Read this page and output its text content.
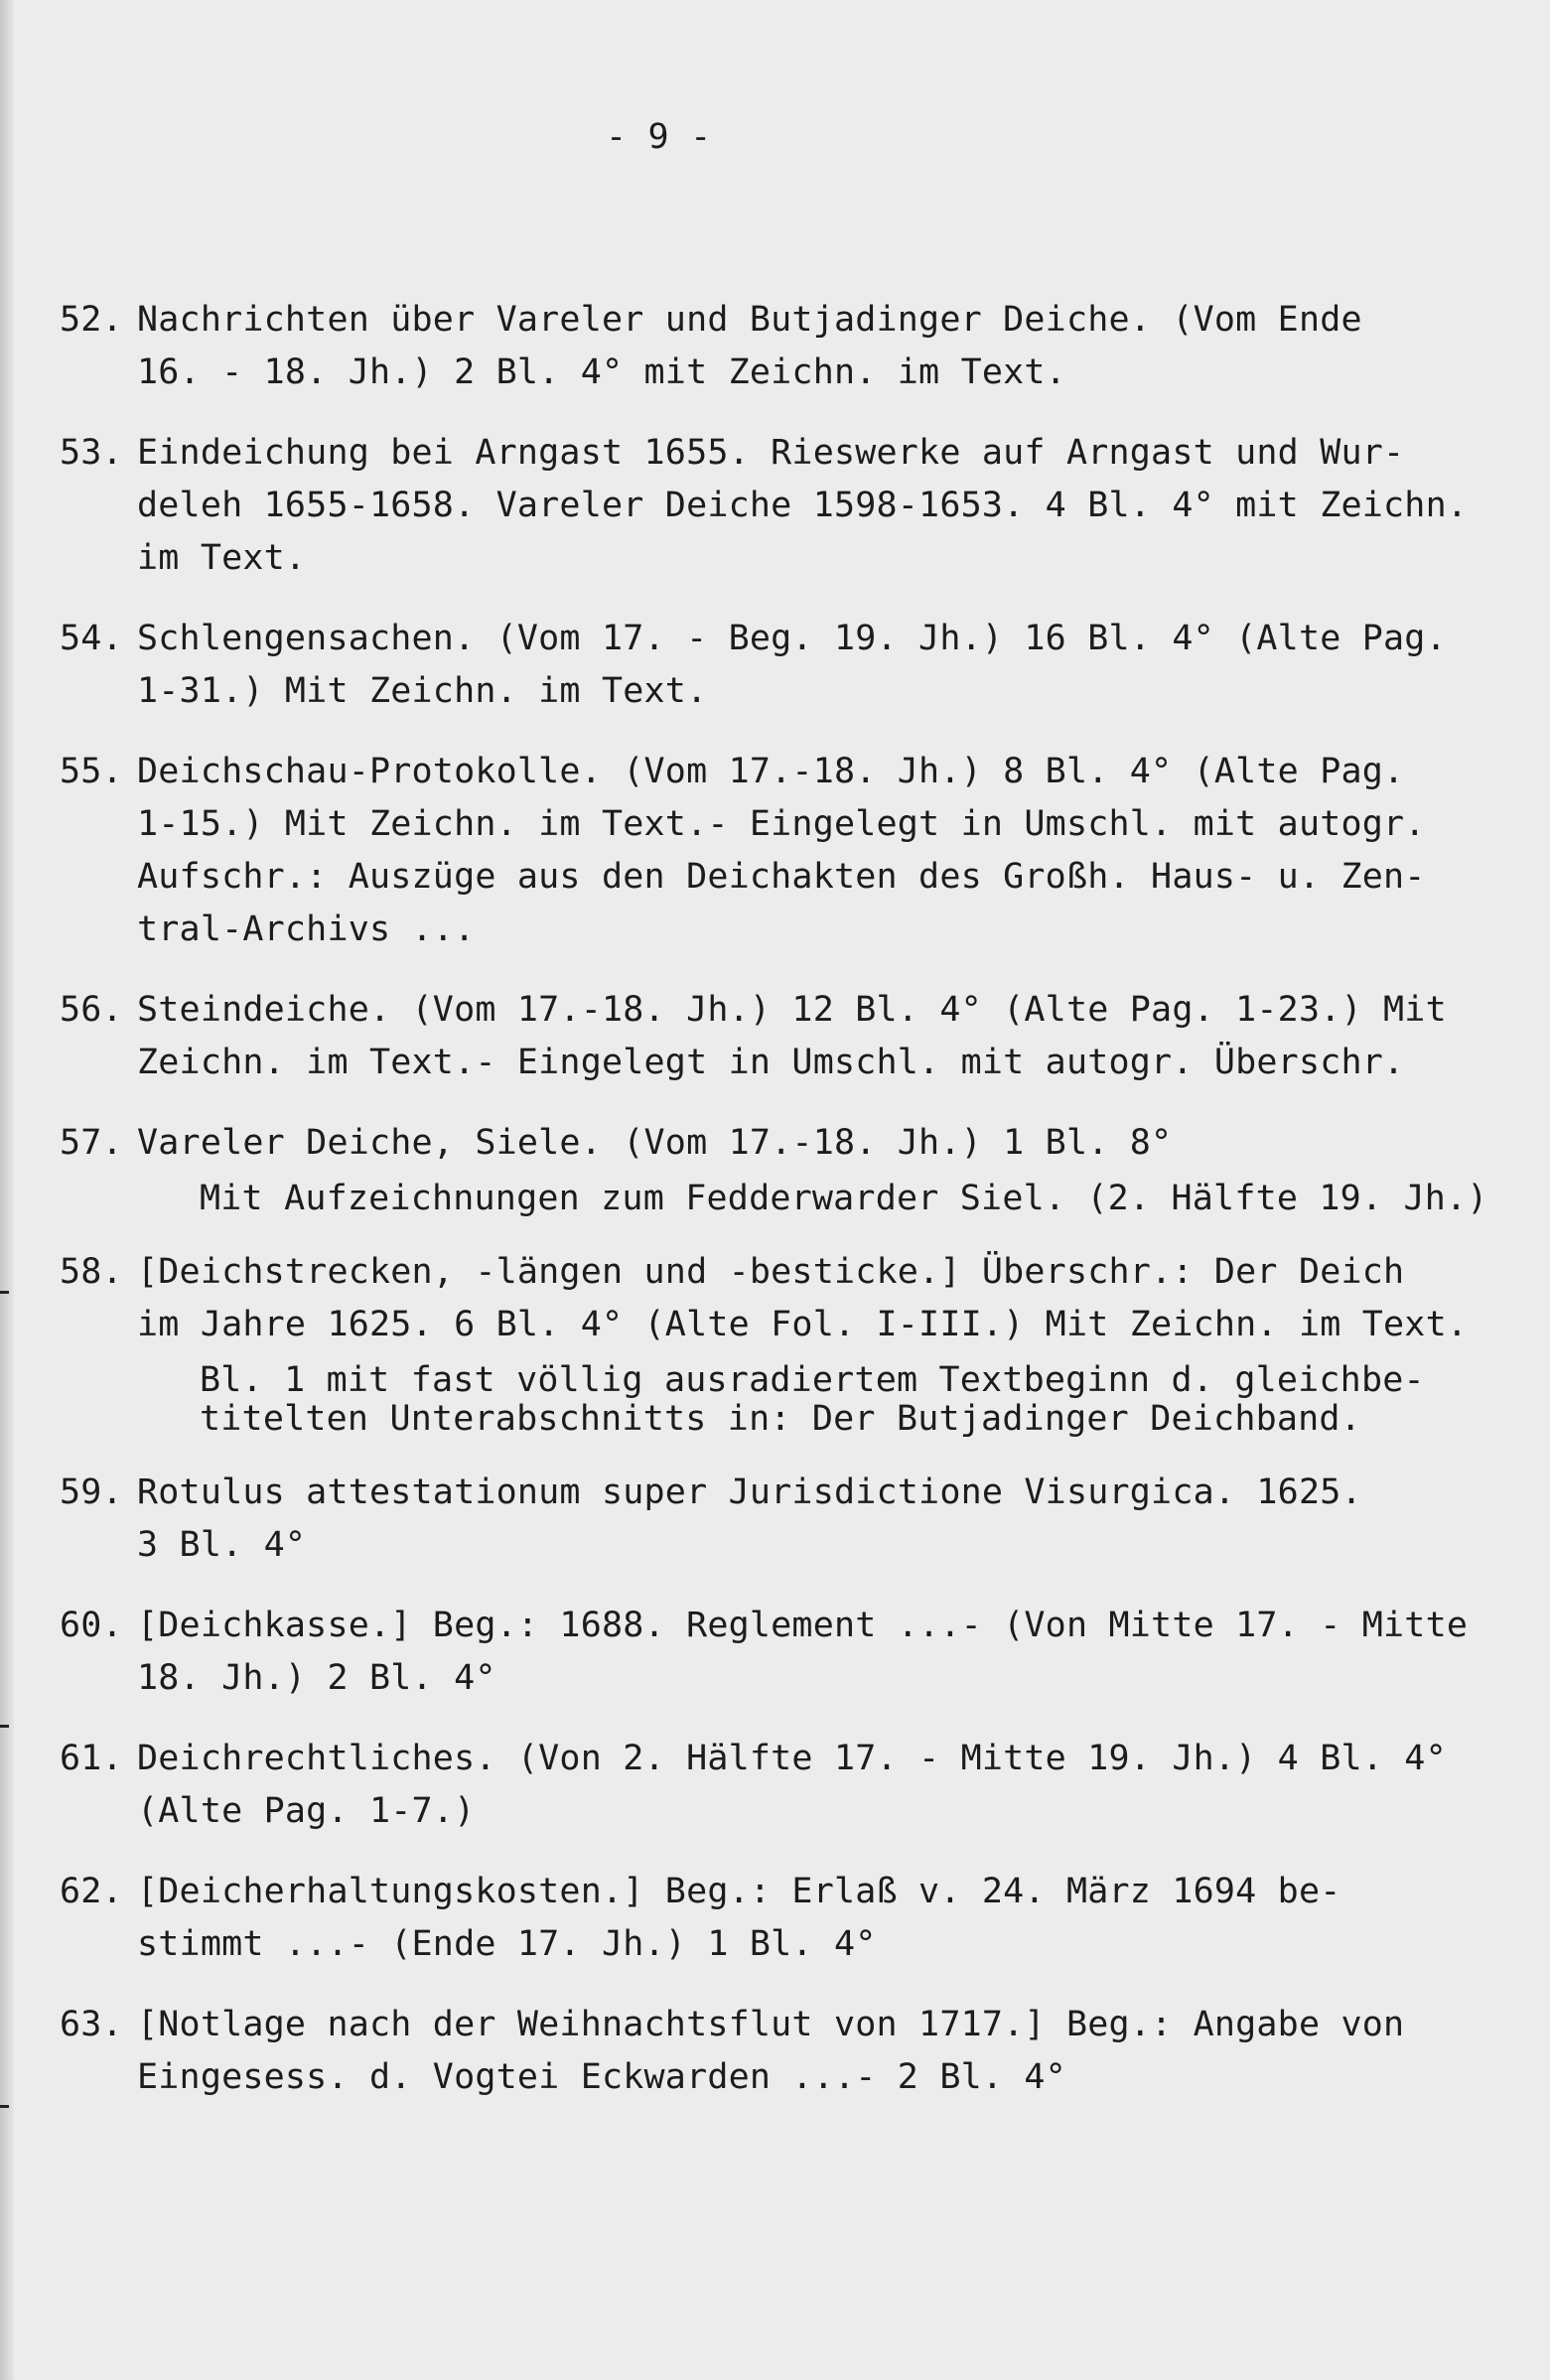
- 9 -
52. Nachrichten über Vareler und Butjadinger Deiche. (Vom Ende
16. - 18. Jh.) 2 Bl. 4° mit Zeichn. im Text.
53. Eindeichung bei Arngast 1655. Rieswerke auf Arngast und Wur-
deleh 1655-1658. Vareler Deiche 1598-1653. 4 Bl. 4° mit Zeichn.
im Text.
54. Schlengensachen. (Vom 17. - Beg. 19. Jh.) 16 Bl. 4° (Alte Pag.
1-31.) Mit Zeichn. im Text.
55. Deichschau-Protokolle. (Vom 17.-18. Jh.) 8 Bl. 4° (Alte Pag.
1-15.) Mit Zeichn. im Text.- Eingelegt in Umschl. mit autogr.
Aufschr.: Auszüge aus den Deichakten des Großh. Haus- u. Zen-
tral-Archivs ...
56. Steindeiche. (Vom 17.-18. Jh.) 12 Bl. 4° (Alte Pag. 1-23.) Mit
Zeichn. im Text.- Eingelegt in Umschl. mit autogr. Überschr.
57. Vareler Deiche, Siele. (Vom 17.-18. Jh.) 1 Bl. 8°
Mit Aufzeichnungen zum Fedderwarder Siel. (2. Hälfte 19. Jh.)
58. [Deichstrecken, -längen und -besticke.] Überschr.: Der Deich
im Jahre 1625. 6 Bl. 4° (Alte Fol. I-III.) Mit Zeichn. im Text.
Bl. 1 mit fast völlig ausradiertem Textbeginn d. gleichbe-
titelten Unterabschnitts in: Der Butjadinger Deichband.
59. Rotulus attestationum super Jurisdictione Visurgica. 1625.
3 Bl. 4°
60. [Deichkasse.] Beg.: 1688. Reglement ...- (Von Mitte 17. - Mitte
18. Jh.) 2 Bl. 4°
61. Deichrechtliches. (Von 2. Hälfte 17. - Mitte 19. Jh.) 4 Bl. 4°
(Alte Pag. 1-7.)
62. [Deicherhaltungskosten.] Beg.: Erlaß v. 24. März 1694 be-
stimmt ...- (Ende 17. Jh.) 1 Bl. 4°
63. [Notlage nach der Weihnachtsflut von 1717.] Beg.: Angabe von
Eingesess. d. Vogtei Eckwarden ...- 2 Bl. 4°
